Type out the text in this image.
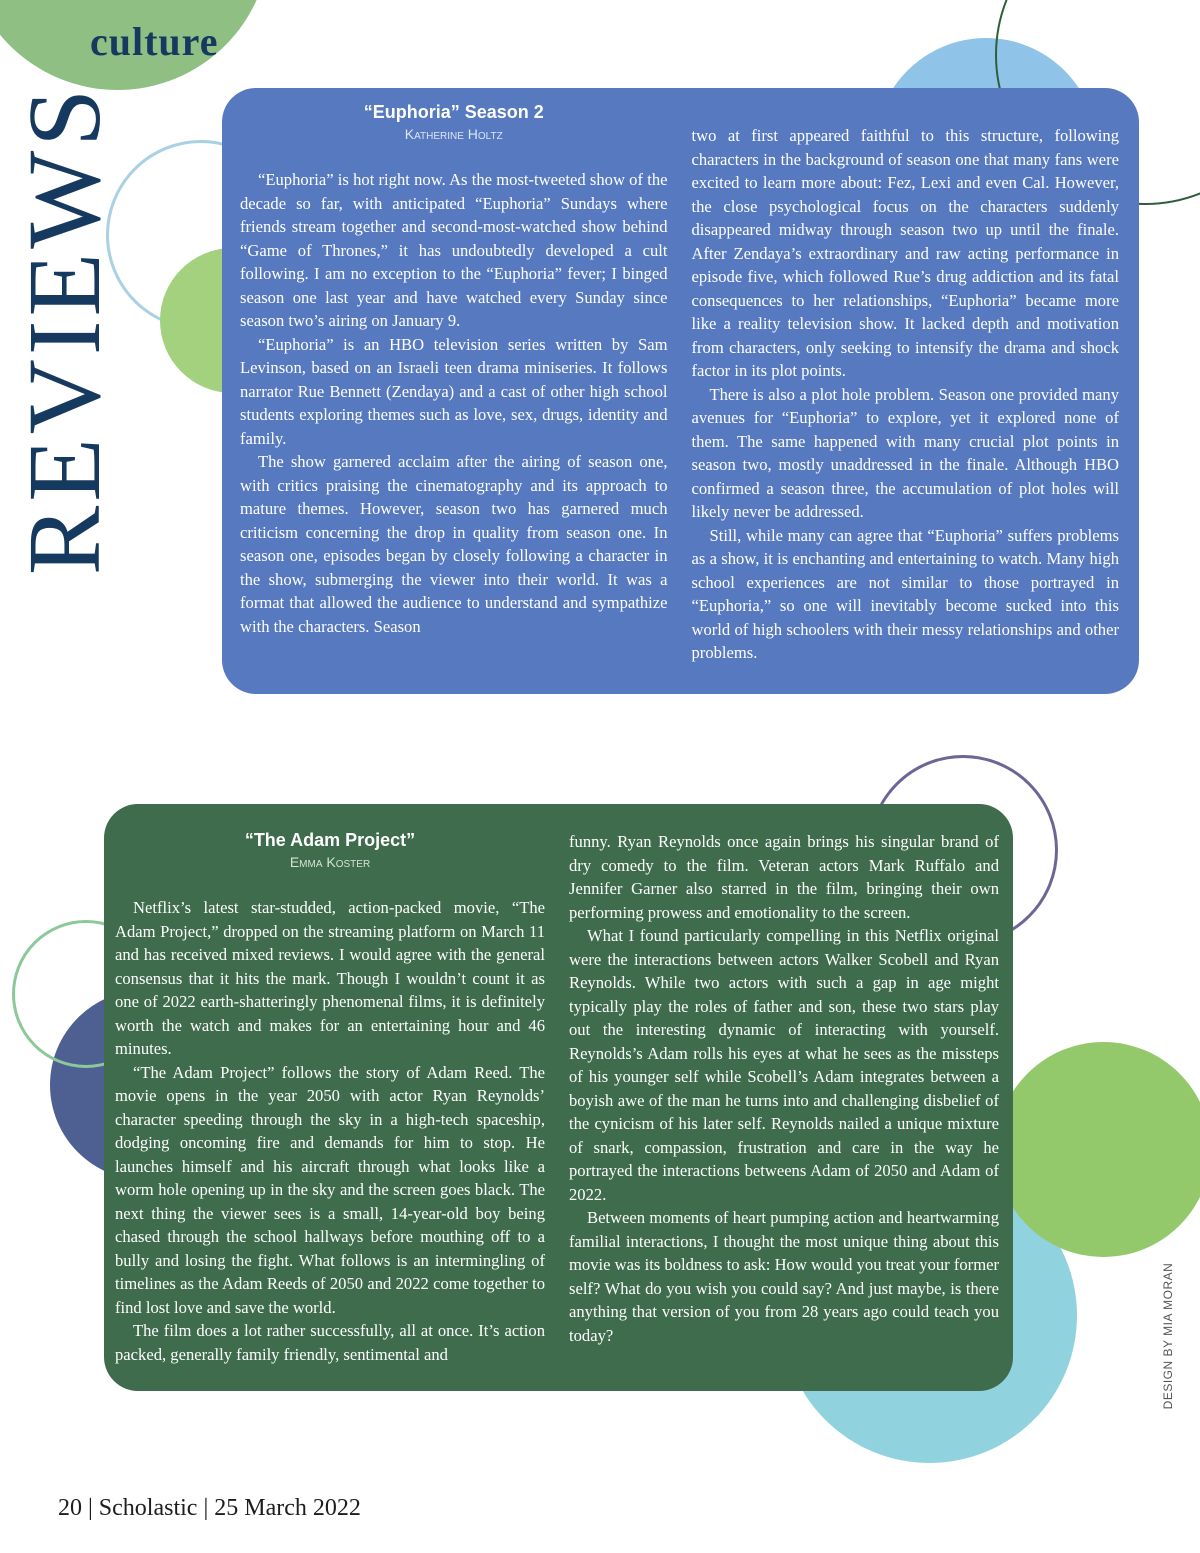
culture
REVIEWS	“Euphoria” Season 2
Katherine Holtz

“Euphoria” is hot right now. As the most-tweeted show of the decade so far, with anticipated “Euphoria” Sundays where friends stream together and second-most-watched show behind “Game of Thrones,” it has undoubtedly developed a cult following. I am no exception to the “Euphoria” fever; I binged season one last year and have watched every Sunday since season two’s airing on January 9.

“Euphoria” is an HBO television series written by Sam Levinson, based on an Israeli teen drama miniseries. It follows narrator Rue Bennett (Zendaya) and a cast of other high school students exploring themes such as love, sex, drugs, identity and family.

The show garnered acclaim after the airing of season one, with critics praising the cinematography and its approach to mature themes. However, season two has garnered much criticism concerning the drop in quality from season one. In season one, episodes began by closely following a character in the show, submerging the viewer into their world. It was a format that allowed the audience to understand and sympathize with the characters. Season

two at first appeared faithful to this structure, following characters in the background of season one that many fans were excited to learn more about: Fez, Lexi and even Cal. However, the close psychological focus on the characters suddenly disappeared midway through season two up until the finale. After Zendaya’s extraordinary and raw acting performance in episode five, which followed Rue’s drug addiction and its fatal consequences to her relationships, “Euphoria” became more like a reality television show. It lacked depth and motivation from characters, only seeking to intensify the drama and shock factor in its plot points.

There is also a plot hole problem. Season one provided many avenues for “Euphoria” to explore, yet it explored none of them. The same happened with many crucial plot points in season two, mostly unaddressed in the finale. Although HBO confirmed a season three, the accumulation of plot holes will likely never be addressed.

Still, while many can agree that “Euphoria” suffers problems as a show, it is enchanting and entertaining to watch. Many high school experiences are not similar to those portrayed in “Euphoria,” so one will inevitably become sucked into this world of high schoolers with their messy relationships and other problems.

“The Adam Project”
Emma Koster

Netflix’s latest star-studded, action-packed movie, “The Adam Project,” dropped on the streaming platform on March 11 and has received mixed reviews. I would agree with the general consensus that it hits the mark. Though I wouldn’t count it as one of 2022 earth-shatteringly phenomenal films, it is definitely worth the watch and makes for an entertaining hour and 46 minutes.

“The Adam Project” follows the story of Adam Reed. The movie opens in the year 2050 with actor Ryan Reynolds’ character speeding through the sky in a high-tech spaceship, dodging oncoming fire and demands for him to stop. He launches himself and his aircraft through what looks like a worm hole opening up in the sky and the screen goes black. The next thing the viewer sees is a small, 14-year-old boy being chased through the school hallways before mouthing off to a bully and losing the fight. What follows is an intermingling of timelines as the Adam Reeds of 2050 and 2022 come together to find lost love and save the world.

The film does a lot rather successfully, all at once. It’s action packed, generally family friendly, sentimental and

funny. Ryan Reynolds once again brings his singular brand of dry comedy to the film. Veteran actors Mark Ruffalo and Jennifer Garner also starred in the film, bringing their own performing prowess and emotionality to the screen.

What I found particularly compelling in this Netflix original were the interactions between actors Walker Scobell and Ryan Reynolds. While two actors with such a gap in age might typically play the roles of father and son, these two stars play out the interesting dynamic of interacting with yourself. Reynolds’s Adam rolls his eyes at what he sees as the missteps of his younger self while Scobell’s Adam integrates between a boyish awe of the man he turns into and challenging disbelief of the cynicism of his later self. Reynolds nailed a unique mixture of snark, compassion, frustration and care in the way he portrayed the interactions betweens Adam of 2050 and Adam of 2022.

Between moments of heart pumping action and heartwarming familial interactions, I thought the most unique thing about this movie was its boldness to ask: How would you treat your former self? What do you wish you could say? And just maybe, is there anything that version of you from 28 years ago could teach you today?

20 | Scholastic | 25 March 2022

DESIGN BY MIA MORAN
